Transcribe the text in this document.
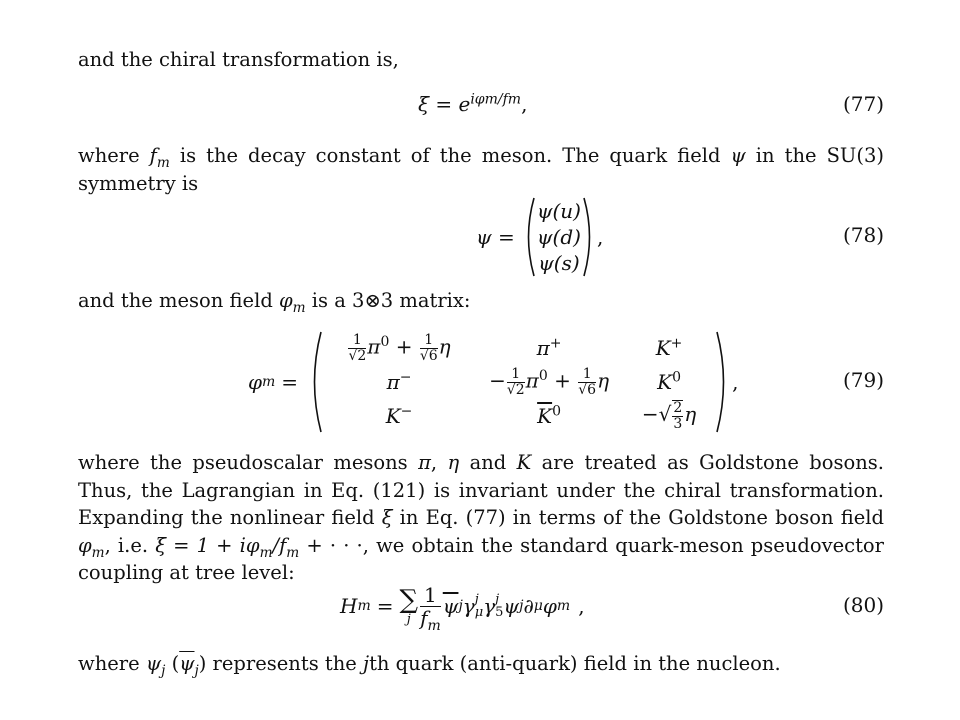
and the chiral transformation is,
$\xi = e^{i\varphi m/fm}$,	(77)
where $f_m$ is the decay constant of the meson. The quark field ψ in the SU(3) symmetry is
ψ =
ψ(u)
ψ(d)
ψ(s)
,	(78)
and the meson field $\varphi_m$ is a 3⊗3 matrix:
φ m =
$\frac{1}{√2} \pi^0 + \frac{1}{√6}$ η	π+	K+
π−	− $\frac{1}{√2} \pi^0 + \frac{1}{√6}$ η	$K^0$
K−	$\overline{K}^0$	−√ $\frac{2}{3}$ η
,	(79)
where the pseudoscalar mesons π, η and K are treated as Goldstone bosons. Thus, the Lagrangian in Eq. (121) is invariant under the chiral transformation. Expanding the nonlinear field ξ in Eq. (77) in terms of the Goldstone boson field $\varphi_m$, i.e. $\xi = 1 + i\varphi_m/f_m$ + · · ·, we obtain the standard quark-meson pseudovector coupling at tree level:
H m = ∑
j $\frac{1}{f_m} \overline{\psi}$ j γ j
μ γ j
5 ψ j ∂ μ φ m ,	(80)
where $\psi_j$ $(\overline{\psi}_j)$ represents the jth quark (anti-quark) field in the nucleon.
